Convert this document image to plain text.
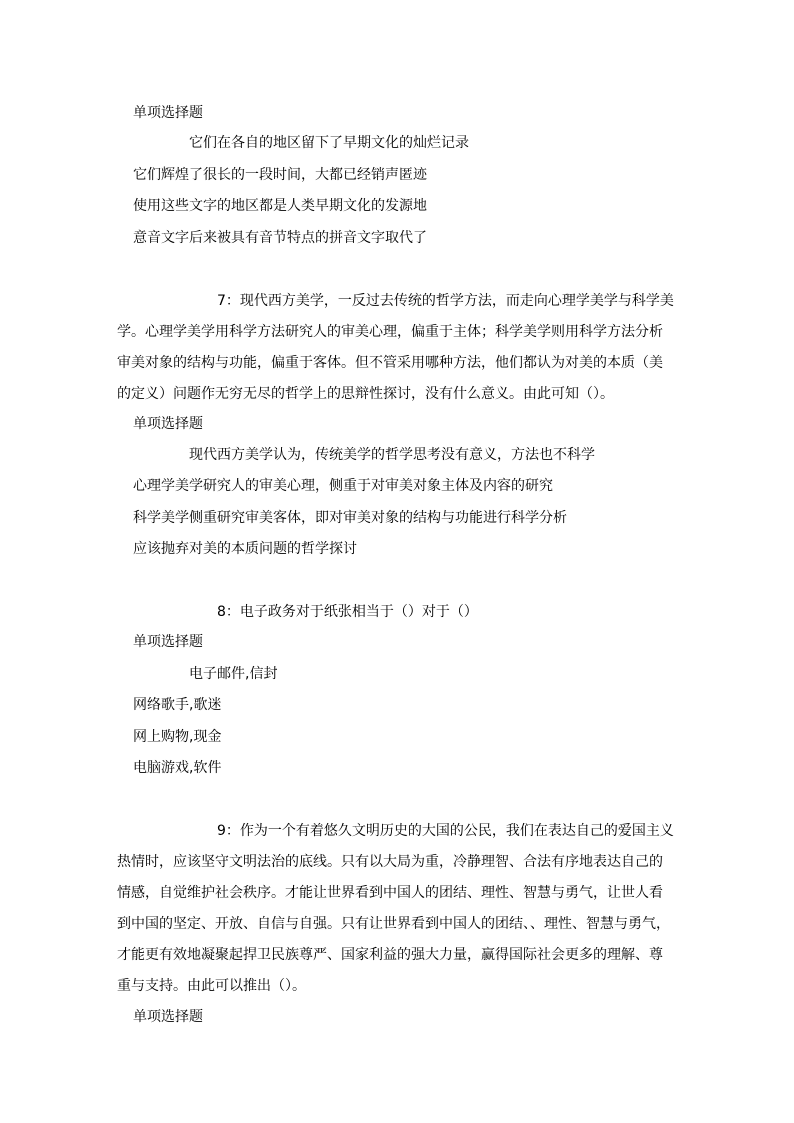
单项选择题
它们在各自的地区留下了早期文化的灿烂记录
它们辉煌了很长的一段时间，大都已经销声匿迹
使用这些文字的地区都是人类早期文化的发源地
意音文字后来被具有音节特点的拼音文字取代了
7：现代西方美学，一反过去传统的哲学方法，而走向心理学美学与科学美
学。心理学美学用科学方法研究人的审美心理，偏重于主体；科学美学则用科学方法分析
审美对象的结构与功能，偏重于客体。但不管采用哪种方法，他们都认为对美的本质（美
的定义）问题作无穷无尽的哲学上的思辩性探讨，没有什么意义。由此可知（）。
单项选择题
现代西方美学认为，传统美学的哲学思考没有意义，方法也不科学
心理学美学研究人的审美心理，侧重于对审美对象主体及内容的研究
科学美学侧重研究审美客体，即对审美对象的结构与功能进行科学分析
应该抛弃对美的本质问题的哲学探讨
8：电子政务对于纸张相当于（）对于（）
单项选择题
电子邮件,信封
网络歌手,歌迷
网上购物,现金
电脑游戏,软件
9：作为一个有着悠久文明历史的大国的公民，我们在表达自己的爱国主义
热情时，应该坚守文明法治的底线。只有以大局为重，冷静理智、合法有序地表达自己的
情感，自觉维护社会秩序。才能让世界看到中国人的团结、理性、智慧与勇气，让世人看
到中国的坚定、开放、自信与自强。只有让世界看到中国人的团结、、理性、智慧与勇气，
才能更有效地凝聚起捍卫民族尊严、国家利益的强大力量，赢得国际社会更多的理解、尊
重与支持。由此可以推出（）。
单项选择题
